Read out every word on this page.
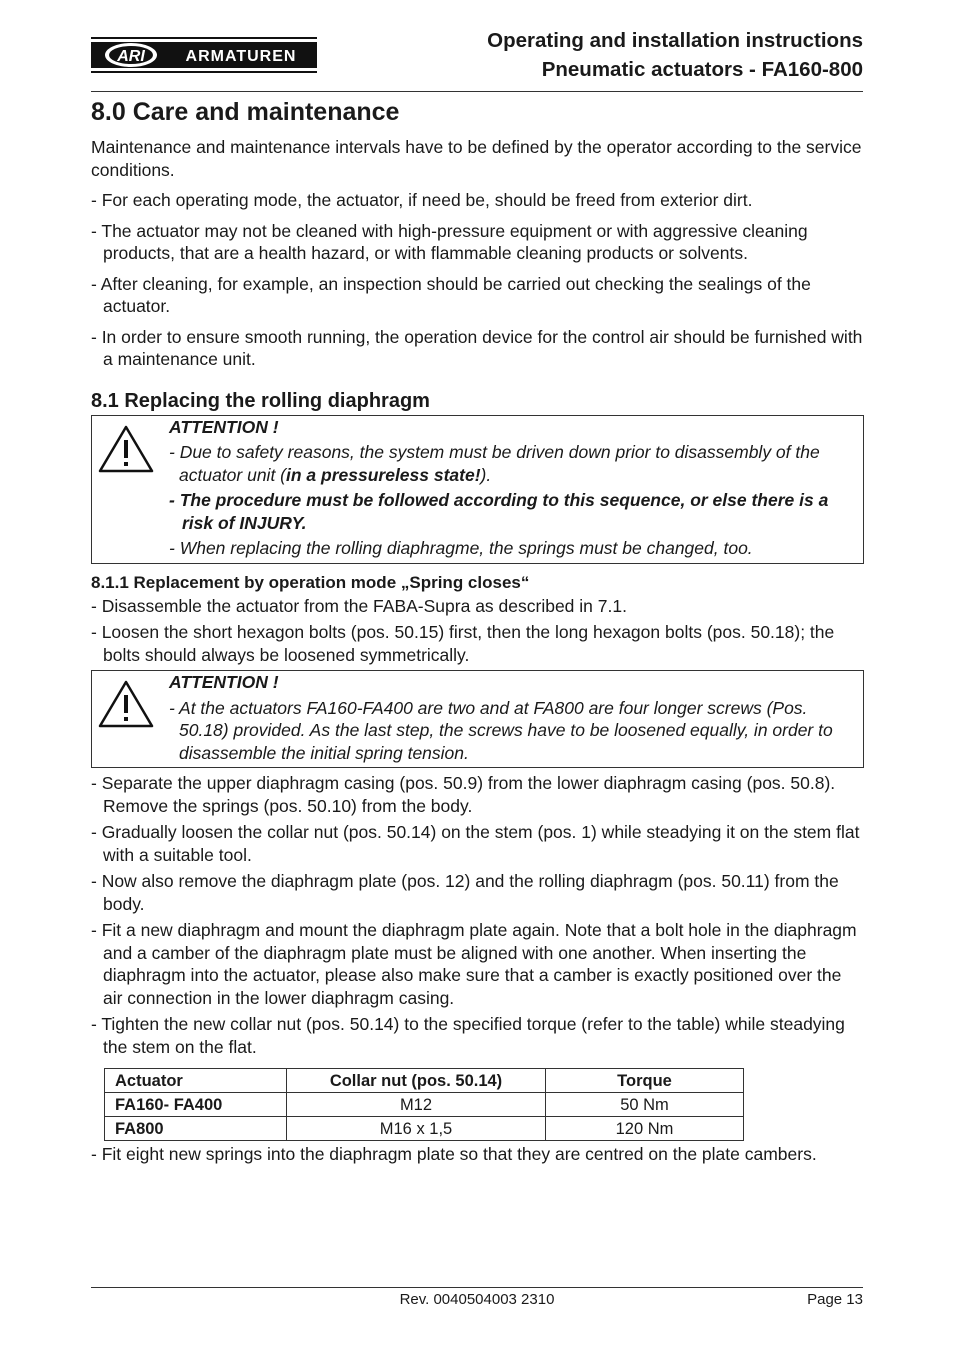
ARI	ARMATUREN
Operating and installation instructions
Pneumatic actuators - FA160-800
8.0 Care and maintenance

Maintenance and maintenance intervals have to be defined by the operator according to the service conditions.

- For each operating mode, the actuator, if need be, should be freed from exterior dirt.
- The actuator may not be cleaned with high-pressure equipment or with aggressive cleaning products, that are a health hazard, or with flammable cleaning products or solvents.
- After cleaning, for example, an inspection should be carried out checking the sealings of the actuator.
- In order to ensure smooth running, the operation device for the control air should be furnished with a maintenance unit.
8.1 Replacing the rolling diaphragm
ATTENTION !
- Due to safety reasons, the system must be driven down prior to disassembly of the actuator unit (in a pressureless state!).
- The procedure must be followed according to this sequence, or else there is a risk of INJURY.
- When replacing the rolling diaphragme, the springs must be changed, too.
8.1.1 Replacement by operation mode „Spring closes“
- Disassemble the actuator from the FABA-Supra as described in 7.1.
- Loosen the short hexagon bolts (pos. 50.15) first, then the long hexagon bolts (pos. 50.18); the bolts should always be loosened symmetrically.
ATTENTION !
- At the actuators FA160-FA400 are two and at FA800 are four longer screws (Pos. 50.18) provided. As the last step, the screws have to be loosened equally, in order to disassemble the initial spring tension.
- Separate the upper diaphragm casing (pos. 50.9) from the lower diaphragm casing (pos. 50.8). Remove the springs (pos. 50.10) from the body.
- Gradually loosen the collar nut (pos. 50.14) on the stem (pos. 1) while steadying it on the stem flat with a suitable tool.
- Now also remove the diaphragm plate (pos. 12) and the rolling diaphragm (pos. 50.11) from the body.
- Fit a new diaphragm and mount the diaphragm plate again. Note that a bolt hole in the diaphragm and a camber of the diaphragm plate must be aligned with one another. When inserting the diaphragm into the actuator, please also make sure that a camber is exactly positioned over the air connection in the lower diaphragm casing.
- Tighten the new collar nut (pos. 50.14) to the specified torque (refer to the table) while steadying the stem on the flat.
Actuator	Collar nut (pos. 50.14)	Torque
FA160- FA400	M12	50 Nm
FA800	M16 x 1,5	120 Nm
- Fit eight new springs into the diaphragm plate so that they are centred on the plate cambers.
Rev. 0040504003 2310	Page 13
